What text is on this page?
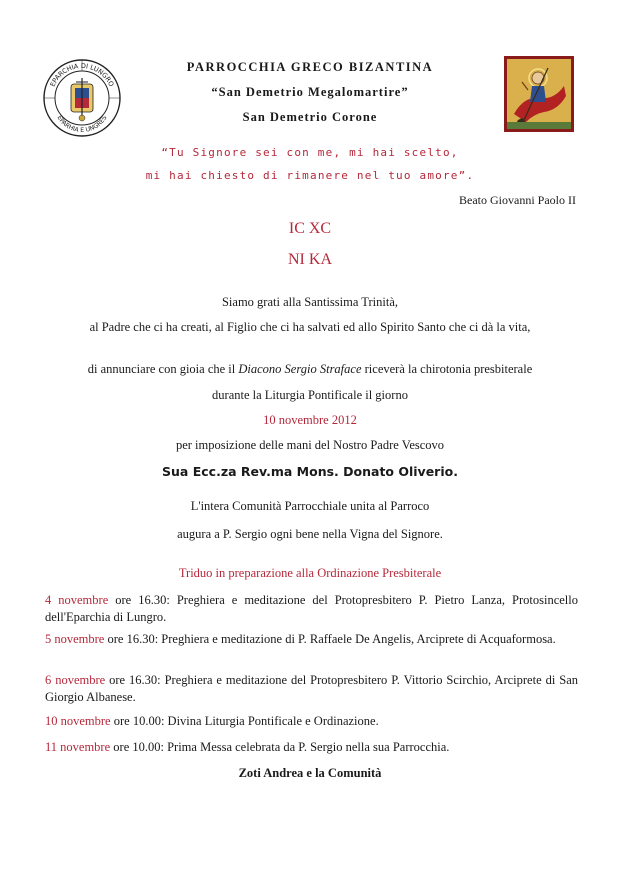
EPARCHIA DI LUNGRO
EPARHIA E UNGRES
PARROCCHIA GRECO BIZANTINA
“San Demetrio Megalomartire”
San Demetrio Corone
“Tu Signore sei con me, mi hai scelto,
mi hai chiesto di rimanere nel tuo amore”.
Beato Giovanni Paolo II
IC XC
NI KA
Siamo grati alla Santissima Trinità,
al Padre che ci ha creati, al Figlio che ci ha salvati ed allo Spirito Santo che ci dà la vita,
di annunciare con gioia che il Diacono Sergio Straface riceverà la chirotonia presbiterale
durante la Liturgia Pontificale il giorno
10 novembre 2012
per imposizione delle mani del Nostro Padre Vescovo
Sua Ecc.za Rev.ma Mons. Donato Oliverio.
L'intera Comunità Parrocchiale unita al Parroco
augura a P. Sergio ogni bene nella Vigna del Signore.
Triduo in preparazione alla Ordinazione Presbiterale
4 novembre ore 16.30: Preghiera e meditazione del Protopresbitero P. Pietro Lanza, Protosincello dell'Eparchia di Lungro.
5 novembre ore 16.30: Preghiera e meditazione di P. Raffaele De Angelis, Arciprete di Acquaformosa.
6 novembre ore 16.30: Preghiera e meditazione del Protopresbitero P. Vittorio Scirchio, Arciprete di San Giorgio Albanese.
10 novembre ore 10.00: Divina Liturgia Pontificale e Ordinazione.
11 novembre ore 10.00: Prima Messa celebrata da P. Sergio nella sua Parrocchia.
Zoti Andrea e la Comunità
